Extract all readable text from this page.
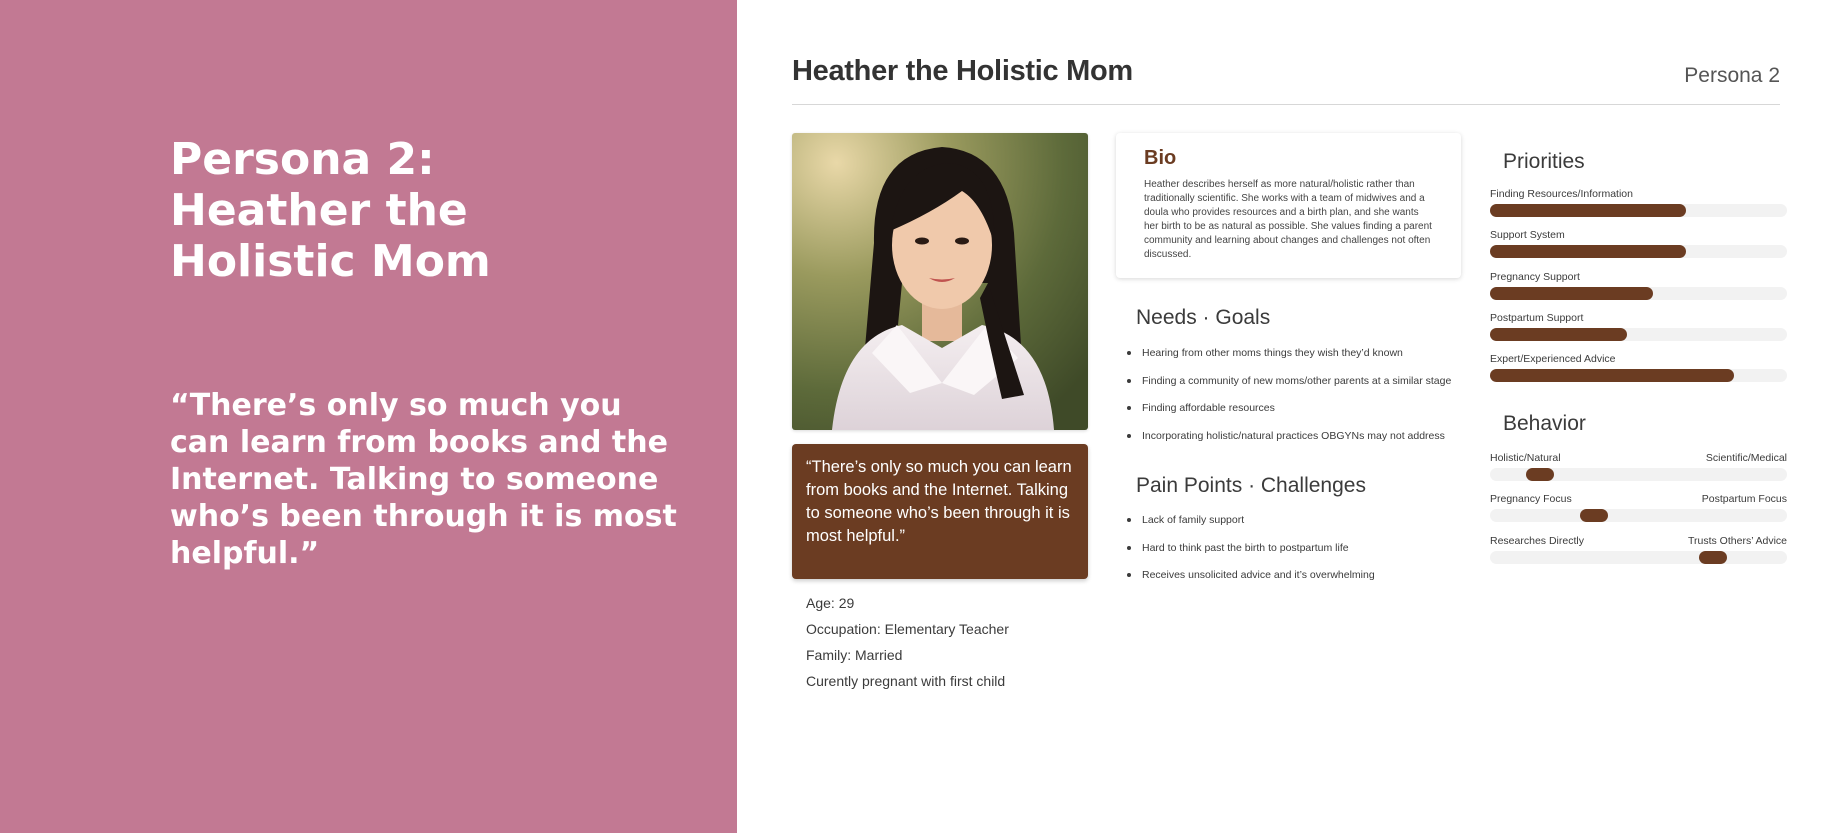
Persona 2:
Heather the
Holistic Mom
“There’s only so much you can learn from books and the Internet. Talking to someone who’s been through it is most helpful.”
Heather the Holistic Mom	Persona 2
“There’s only so much you can learn from books and the Internet. Talking to someone who’s been through it is most helpful.”
Age: 29
Occupation: Elementary Teacher
Family: Married
Curently pregnant with first child
Bio
Heather describes herself as more natural/holistic rather than traditionally scientific. She works with a team of midwives and a doula who provides resources and a birth plan, and she wants her birth to be as natural as possible. She values finding a parent community and learning about changes and challenges not often discussed.
Needs · Goals
Hearing from other moms things they wish they’d known
Finding a community of new moms/other parents at a similar stage
Finding affordable resources
Incorporating holistic/natural practices OBGYNs may not address
Pain Points · Challenges
Lack of family support
Hard to think past the birth to postpartum life
Receives unsolicited advice and it’s overwhelming
Priorities
Finding Resources/Information
Support System
Pregnancy Support
Postpartum Support
Expert/Experienced Advice
Behavior
Holistic/Natural	Scientific/Medical
Pregnancy Focus	Postpartum Focus
Researches Directly	Trusts Others’ Advice
